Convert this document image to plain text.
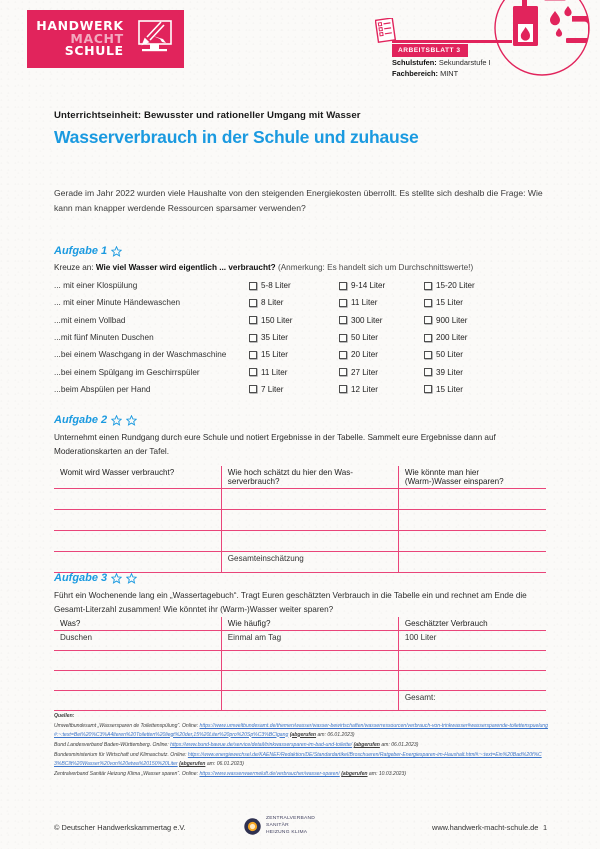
HANDWERK
MACHT
SCHULE	ARBEITSBLATT 3
Schulstufen: Sekundarstufe I
Fachbereich: MINT
Unterrichtseinheit: Bewusster und rationeller Umgang mit Wasser
Wasserverbrauch in der Schule und zuhause
Gerade im Jahr 2022 wurden viele Haushalte von den steigenden Energiekosten überrollt. Es stellte sich deshalb die Frage: Wie kann man knapper werdende Ressourcen sparsamer verwenden?
Aufgabe 1
Kreuze an: Wie viel Wasser wird eigentlich ... verbraucht? (Anmerkung: Es handelt sich um Durchschnittswerte!)
... mit einer Klospülung	5-8 Liter	9-14 Liter	15-20 Liter
... mit einer Minute Händewaschen	8 Liter	11 Liter	15 Liter
...mit einem Vollbad	150 Liter	300 Liter	900 Liter
...mit fünf Minuten Duschen	35 Liter	50 Liter	200 Liter
...bei einem Waschgang in der Waschmaschine	15 Liter	20 Liter	50 Liter
...bei einem Spülgang im Geschirrspüler	11 Liter	27 Liter	39 Liter
...beim Abspülen per Hand	7 Liter	12 Liter	15 Liter
Aufgabe 2
Unternehmt einen Rundgang durch eure Schule und notiert Ergebnisse in der Tabelle. Sammelt eure Ergebnisse dann auf Moderationskarten an der Tafel.
Womit wird Wasser verbraucht?	Wie hoch schätzt du hier den Was-serverbrauch?	Wie könnte man hier
(Warm-)Wasser einsparen?

	Gesamteinschätzung	
Aufgabe 3
Führt ein Wochenende lang ein „Wassertagebuch“. Tragt Euren geschätzten Verbrauch in die Tabelle ein und rechnet am Ende die Gesamt-Literzahl zusammen! Wie könntet ihr (Warm-)Wasser weiter sparen?
Was?	Wie häufig?	Geschätzter Verbrauch
Duschen	Einmal am Tag	100 Liter

		Gesamt:
Quellen:

Umweltbundesamt „Wassersparen de Toilettenspülung“. Online: https://www.umweltbundesamt.de/themen/wasser/wasser-bewirtschaften/wasserressourcen/verbrauch-von-trinkwasser#wassersparende-toilettenspuelung#:~:text=Bei%20%C3%A4lteren%20Toiletten%20liegt%20der,15%20Liter%20pro%20Sp%C3%BClgang (abgerufen am: 06.01.2023)

Bund Landesverband Baden-Württemberg. Online: https://www.bund-bawue.de/service/detail/trinkwassersparen-im-bad-und-toilette/ (abgerufen am: 06.01.2023)

Bundesministerium für Wirtschaft und Klimaschutz. Online: https://www.energiewechsel.de/KAENEF/Redaktion/DE/Standardartikel/Broschueren/Ratgeber-Energiesparen-im-Haushalt.html#:~:text=Ein%20Bad%20f%C3%BCllt%20Wasser%20von%20etwa%20150%20Liter (abgerufen am: 06.01.2023)

Zentralverband Sanitär Heizung Klima „Wasser sparen“. Online: https://www.wasserwaermeluft.de/verbraucher/wasser-sparen/ (abgerufen am: 10.03.2023)

© Deutscher Handwerkskammertag e.V.
ZENTRALVERBAND
SANITÄR
HEIZUNG KLIMA
www.handwerk-macht-schule.de 1
